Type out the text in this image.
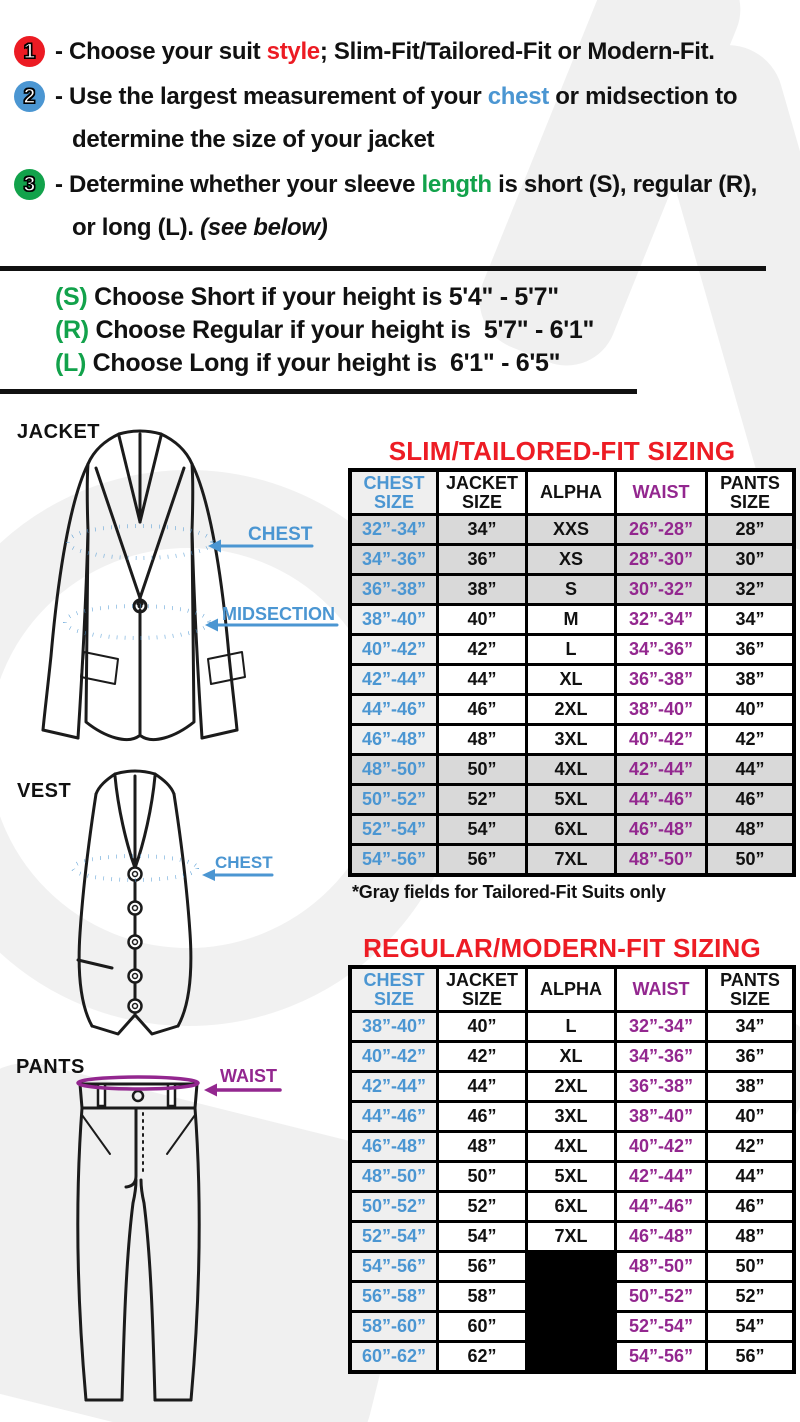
1 - Choose your suit style; Slim-Fit/Tailored-Fit or Modern-Fit.
2 - Use the largest measurement of your chest or midsection to
determine the size of your jacket
3 - Determine whether your sleeve length is short (S), regular (R),
or long (L). (see below)
(S) Choose Short if your height is 5'4" - 5'7"
(R) Choose Regular if your height is  5'7" - 6'1"
(L) Choose Long if your height is  6'1" - 6'5"
JACKET
CHEST
MIDSECTION
VEST
CHEST
PANTS	WAIST
SLIM/TAILORED-FIT SIZING
CHEST
SIZE	JACKET
SIZE	ALPHA	WAIST	PANTS
SIZE

32”-34”	34”	XXS	26”-28”	28”
34”-36”	36”	XS	28”-30”	30”
36”-38”	38”	S	30”-32”	32”
38”-40”	40”	M	32”-34”	34”
40”-42”	42”	L	34”-36”	36”
42”-44”	44”	XL	36”-38”	38”
44”-46”	46”	2XL	38”-40”	40”
46”-48”	48”	3XL	40”-42”	42”
48”-50”	50”	4XL	42”-44”	44”
50”-52”	52”	5XL	44”-46”	46”
52”-54”	54”	6XL	46”-48”	48”
54”-56”	56”	7XL	48”-50”	50”
*Gray fields for Tailored-Fit Suits only
REGULAR/MODERN-FIT SIZING
CHEST
SIZE	JACKET
SIZE	ALPHA	WAIST	PANTS
SIZE

38”-40”	40”	L	32”-34”	34”
40”-42”	42”	XL	34”-36”	36”
42”-44”	44”	2XL	36”-38”	38”
44”-46”	46”	3XL	38”-40”	40”
46”-48”	48”	4XL	40”-42”	42”
48”-50”	50”	5XL	42”-44”	44”
50”-52”	52”	6XL	44”-46”	46”
52”-54”	54”	7XL	46”-48”	48”
54”-56”	56”		48”-50”	50”
56”-58”	58”		50”-52”	52”
58”-60”	60”		52”-54”	54”
60”-62”	62”		54”-56”	56”
